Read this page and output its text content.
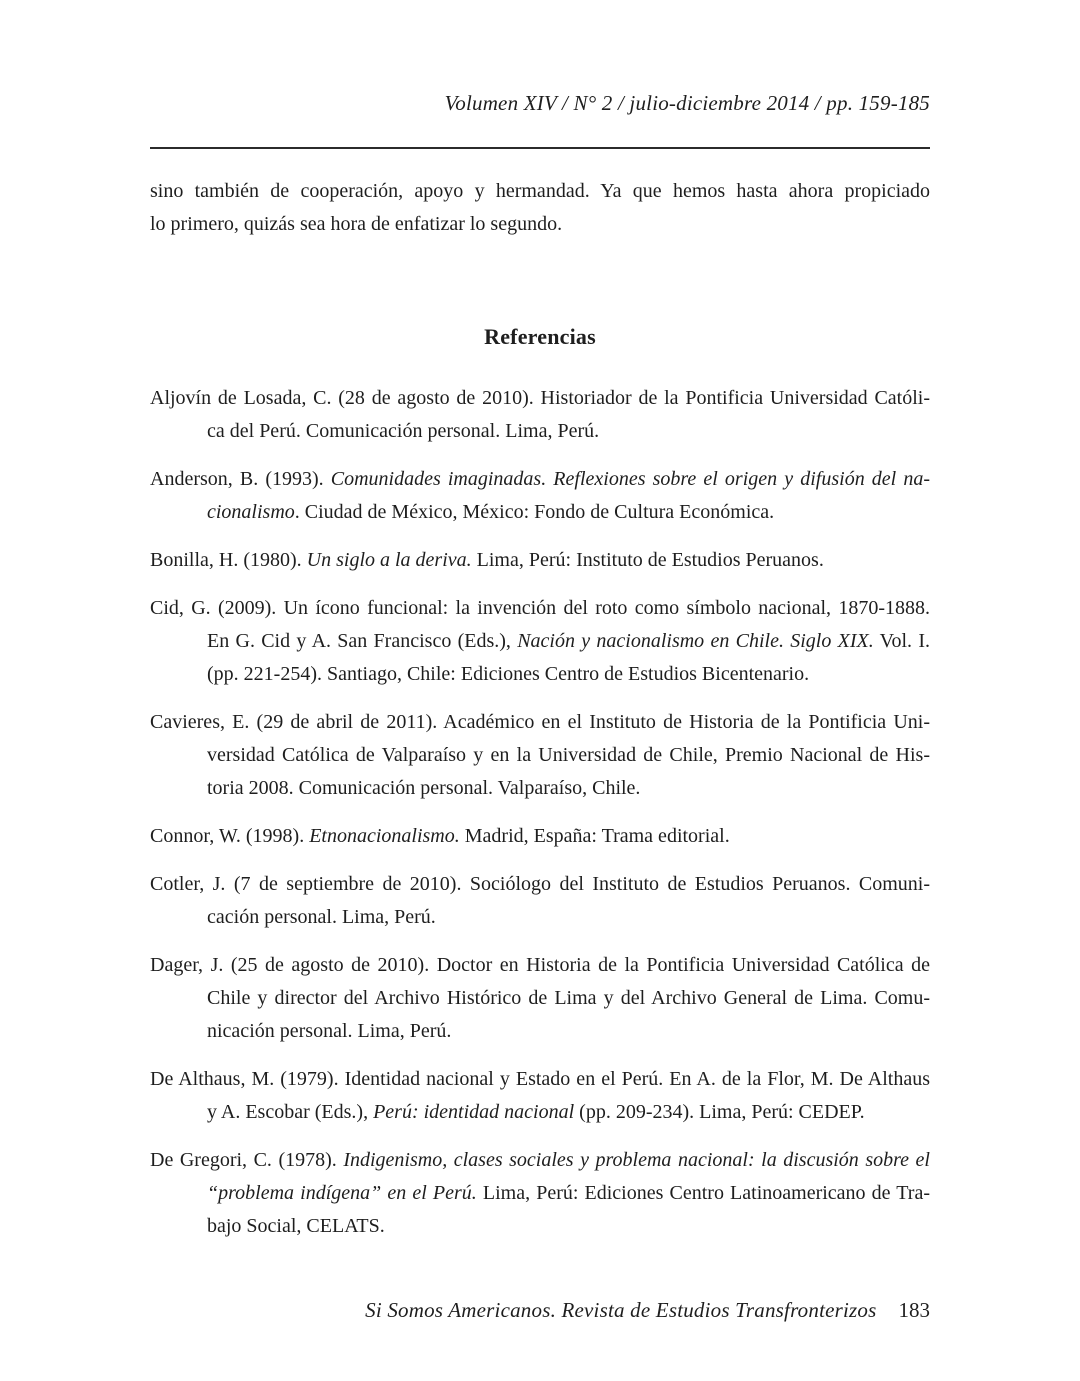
Volumen XIV / N° 2 / julio-diciembre 2014 / pp. 159-185
sino también de cooperación, apoyo y hermandad. Ya que hemos hasta ahora propiciado
lo primero, quizás sea hora de enfatizar lo segundo.
Referencias
Aljovín de Losada, C. (28 de agosto de 2010). Historiador de la Pontificia Universidad Católi-
ca del Perú. Comunicación personal. Lima, Perú.
Anderson, B. (1993). Comunidades imaginadas. Reflexiones sobre el origen y difusión del na-
cionalismo. Ciudad de México, México: Fondo de Cultura Económica.
Bonilla, H. (1980). Un siglo a la deriva. Lima, Perú: Instituto de Estudios Peruanos.
Cid, G. (2009). Un ícono funcional: la invención del roto como símbolo nacional, 1870-1888.
En G. Cid y A. San Francisco (Eds.), Nación y nacionalismo en Chile. Siglo XIX. Vol. I.
(pp. 221-254). Santiago, Chile: Ediciones Centro de Estudios Bicentenario.
Cavieres, E. (29 de abril de 2011). Académico en el Instituto de Historia de la Pontificia Uni-
versidad Católica de Valparaíso y en la Universidad de Chile, Premio Nacional de His-
toria 2008. Comunicación personal. Valparaíso, Chile.
Connor, W. (1998). Etnonacionalismo. Madrid, España: Trama editorial.
Cotler, J. (7 de septiembre de 2010). Sociólogo del Instituto de Estudios Peruanos. Comuni-
cación personal. Lima, Perú.
Dager, J. (25 de agosto de 2010). Doctor en Historia de la Pontificia Universidad Católica de
Chile y director del Archivo Histórico de Lima y del Archivo General de Lima. Comu-
nicación personal. Lima, Perú.
De Althaus, M. (1979). Identidad nacional y Estado en el Perú. En A. de la Flor, M. De Althaus
y A. Escobar (Eds.), Perú: identidad nacional (pp. 209-234). Lima, Perú: CEDEP.
De Gregori, C. (1978). Indigenismo, clases sociales y problema nacional: la discusión sobre el
“problema indígena” en el Perú. Lima, Perú: Ediciones Centro Latinoamericano de Tra-
bajo Social, CELATS.
Si Somos Americanos. Revista de Estudios Transfronterizos 183
